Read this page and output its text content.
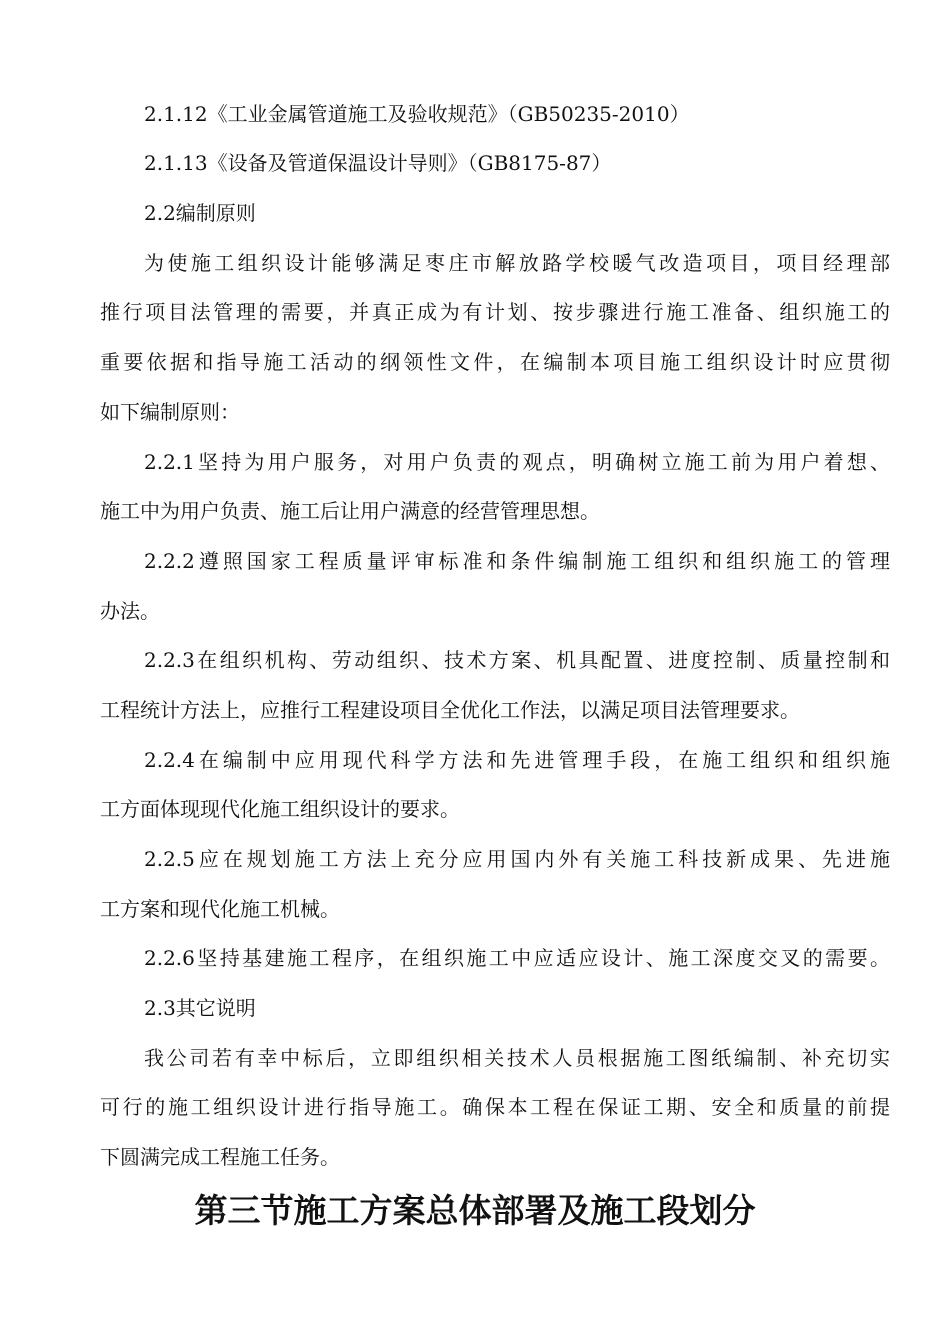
2.1.12《工业金属管道施工及验收规范》（GB50235-2010）
2.1.13《设备及管道保温设计导则》（GB8175-87）
2.2编制原则
为使施工组织设计能够满足枣庄市解放路学校暖气改造项目，项目经理部
推行项目法管理的需要，并真正成为有计划、按步骤进行施工准备、组织施工的
重要依据和指导施工活动的纲领性文件，在编制本项目施工组织设计时应贯彻
如下编制原则：
2.2.1坚持为用户服务，对用户负责的观点，明确树立施工前为用户着想、
施工中为用户负责、施工后让用户满意的经营管理思想。
2.2.2遵照国家工程质量评审标准和条件编制施工组织和组织施工的管理
办法。
2.2.3在组织机构、劳动组织、技术方案、机具配置、进度控制、质量控制和
工程统计方法上，应推行工程建设项目全优化工作法，以满足项目法管理要求。
2.2.4在编制中应用现代科学方法和先进管理手段，在施工组织和组织施
工方面体现现代化施工组织设计的要求。
2.2.5应在规划施工方法上充分应用国内外有关施工科技新成果、先进施
工方案和现代化施工机械。
2.2.6坚持基建施工程序，在组织施工中应适应设计、施工深度交叉的需要。
2.3其它说明
我公司若有幸中标后，立即组织相关技术人员根据施工图纸编制、补充切实
可行的施工组织设计进行指导施工。确保本工程在保证工期、安全和质量的前提
下圆满完成工程施工任务。
第三节施工方案总体部署及施工段划分
